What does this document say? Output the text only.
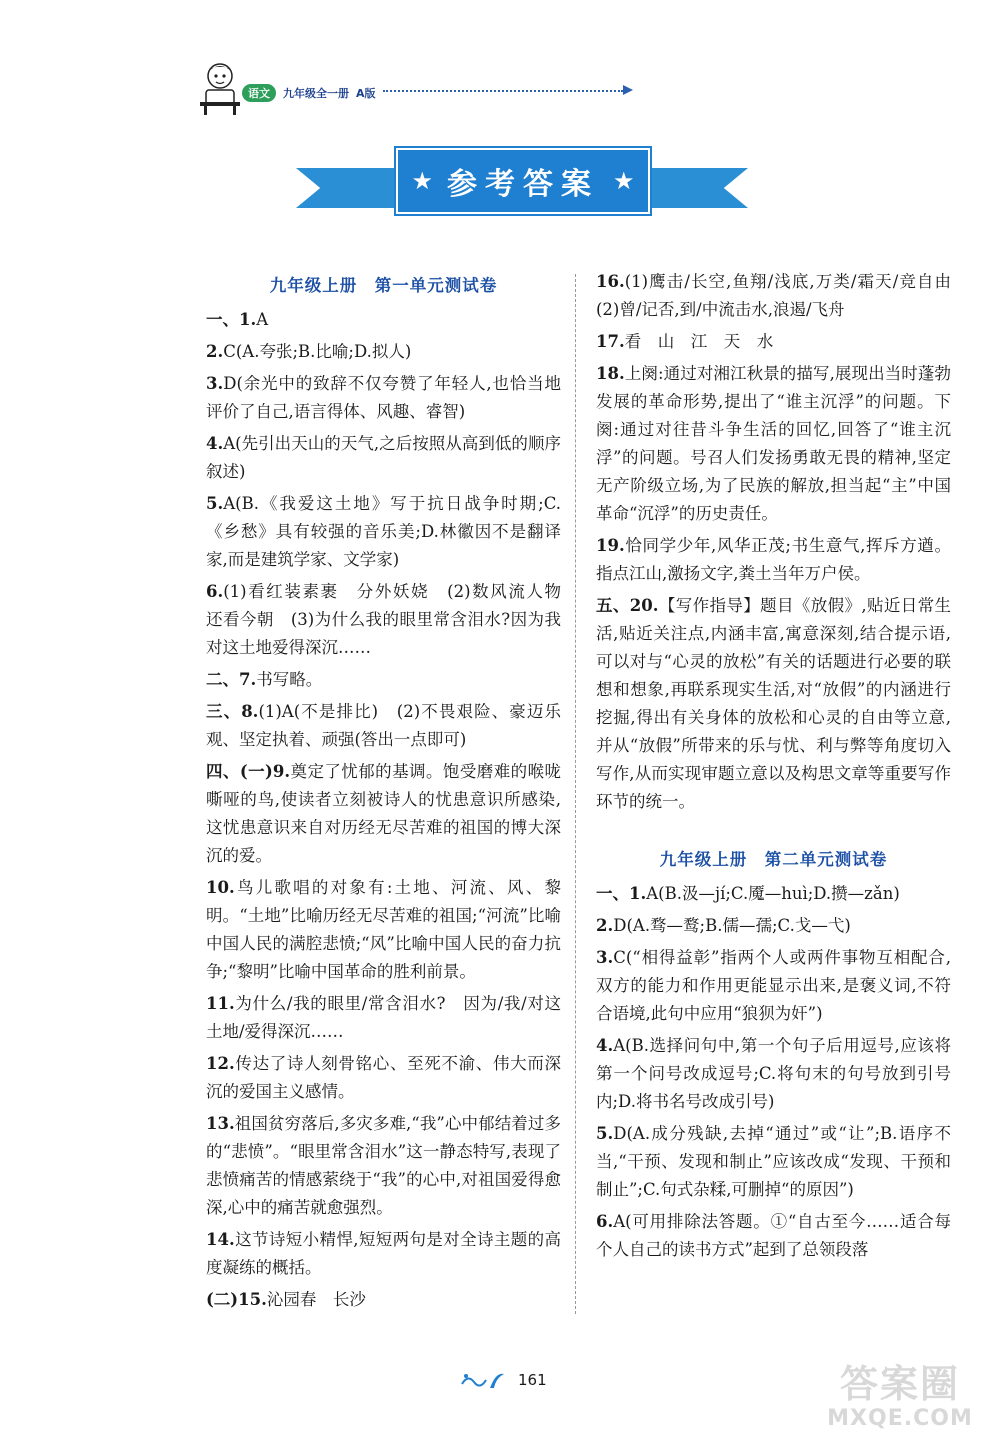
语文	九年级全一册 A版
★ 参考答案 ★
九年级上册　第一单元测试卷
一、1.A
2.C(A.夸张;B.比喻;D.拟人)
3.D(余光中的致辞不仅夸赞了年轻人,也恰当地评价了自己,语言得体、风趣、睿智)
4.A(先引出天山的天气,之后按照从高到低的顺序叙述)
5.A(B.《我爱这土地》写于抗日战争时期;C.《乡愁》具有较强的音乐美;D.林徽因不是翻译家,而是建筑学家、文学家)
6.(1)看红装素裹　分外妖娆　(2)数风流人物　还看今朝　(3)为什么我的眼里常含泪水?因为我对这土地爱得深沉……
二、7.书写略。
三、8.(1)A(不是排比)　(2)不畏艰险、豪迈乐观、坚定执着、顽强(答出一点即可)
四、(一)9.奠定了忧郁的基调。饱受磨难的喉咙嘶哑的鸟,使读者立刻被诗人的忧患意识所感染,这忧患意识来自对历经无尽苦难的祖国的博大深沉的爱。
10.鸟儿歌唱的对象有:土地、河流、风、黎明。“土地”比喻历经无尽苦难的祖国;“河流”比喻中国人民的满腔悲愤;“风”比喻中国人民的奋力抗争;“黎明”比喻中国革命的胜利前景。
11.为什么/我的眼里/常含泪水?　因为/我/对这土地/爱得深沉……
12.传达了诗人刻骨铭心、至死不渝、伟大而深沉的爱国主义感情。
13.祖国贫穷落后,多灾多难,“我”心中郁结着过多的“悲愤”。“眼里常含泪水”这一静态特写,表现了悲愤痛苦的情感萦绕于“我”的心中,对祖国爱得愈深,心中的痛苦就愈强烈。
14.这节诗短小精悍,短短两句是对全诗主题的高度凝练的概括。
(二)15.沁园春　长沙
16.(1)鹰击/长空,鱼翔/浅底,万类/霜天/竞自由　(2)曾/记否,到/中流击水,浪遏/飞舟
17.看　山　江　天　水
18.上阕:通过对湘江秋景的描写,展现出当时蓬勃发展的革命形势,提出了“谁主沉浮”的问题。下阕:通过对往昔斗争生活的回忆,回答了“谁主沉浮”的问题。号召人们发扬勇敢无畏的精神,坚定无产阶级立场,为了民族的解放,担当起“主”中国革命“沉浮”的历史责任。
19.恰同学少年,风华正茂;书生意气,挥斥方遒。指点江山,激扬文字,粪土当年万户侯。
五、20.【写作指导】题目《放假》,贴近日常生活,贴近关注点,内涵丰富,寓意深刻,结合提示语,可以对与“心灵的放松”有关的话题进行必要的联想和想象,再联系现实生活,对“放假”的内涵进行挖掘,得出有关身体的放松和心灵的自由等立意,并从“放假”所带来的乐与忧、利与弊等角度切入写作,从而实现审题立意以及构思文章等重要写作环节的统一。
九年级上册　第二单元测试卷
一、1.A(B.汲—jí;C.魇—huì;D.攒—zǎn)
2.D(A.骛—鹜;B.儒—孺;C.戈—弋)
3.C(“相得益彰”指两个人或两件事物互相配合,双方的能力和作用更能显示出来,是褒义词,不符合语境,此句中应用“狼狈为奸”)
4.A(B.选择问句中,第一个句子后用逗号,应该将第一个问号改成逗号;C.将句末的句号放到引号内;D.将书名号改成引号)
5.D(A.成分残缺,去掉“通过”或“让”;B.语序不当,“干预、发现和制止”应该改成“发现、干预和制止”;C.句式杂糅,可删掉“的原因”)
6.A(可用排除法答题。①“自古至今……适合每个人自己的读书方式”起到了总领段落
161	答案圈
MXQE.COM
